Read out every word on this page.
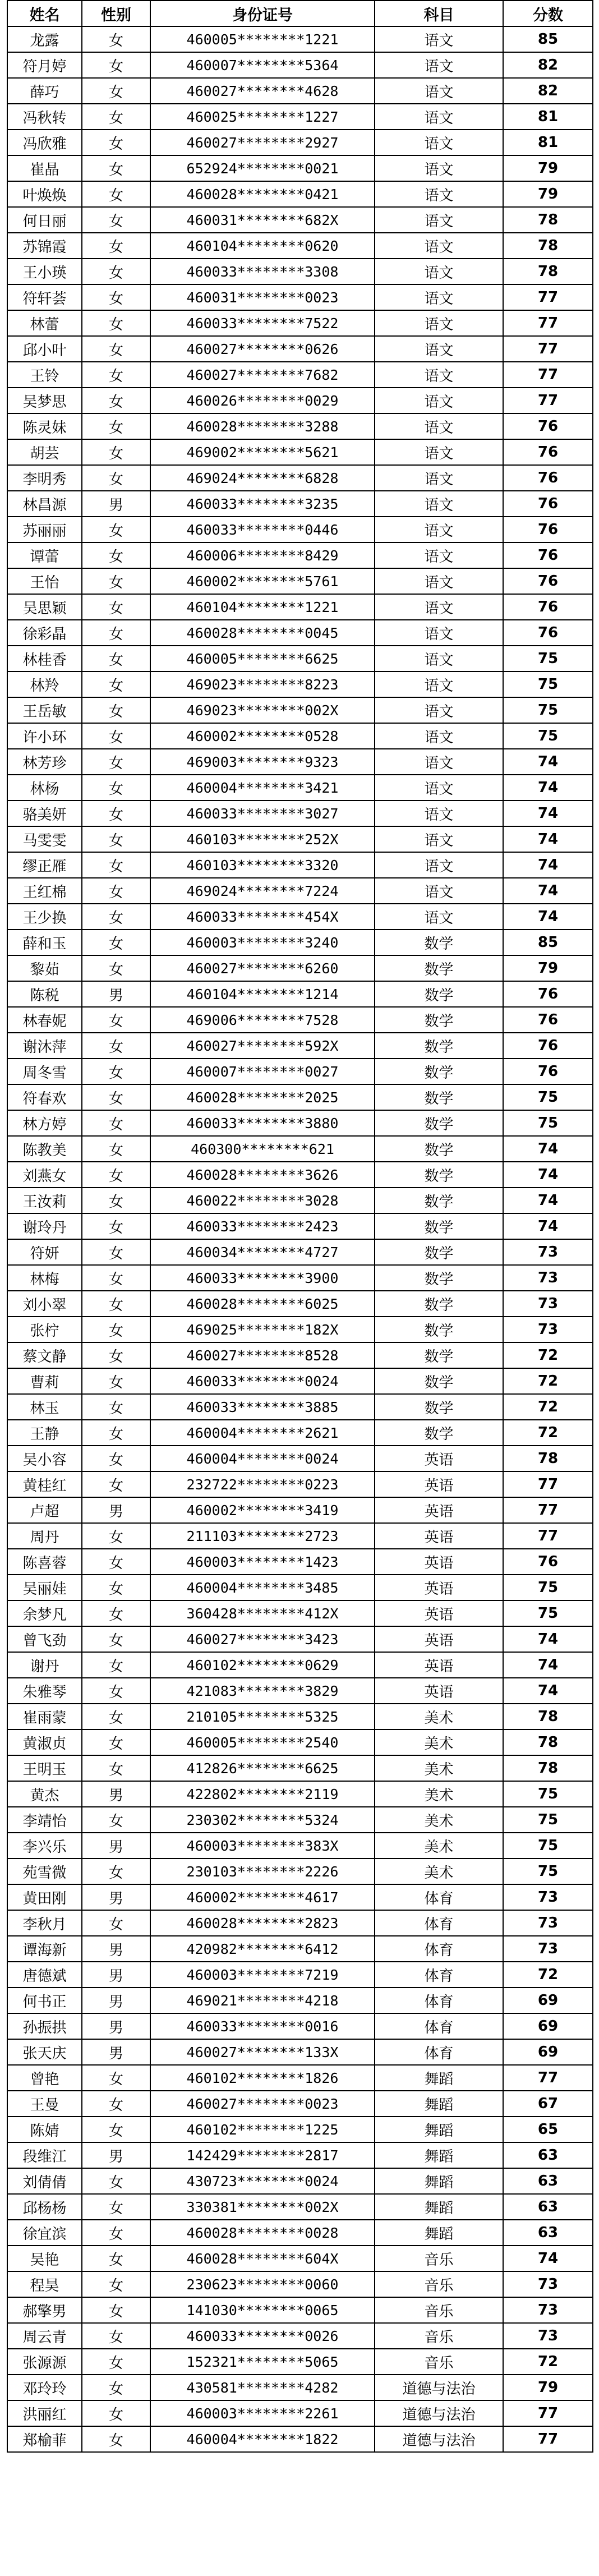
姓名	性别	身份证号	科目	分数
龙露	女	460005********1221	语文	85
符月婷	女	460007********5364	语文	82
薛巧	女	460027********4628	语文	82
冯秋转	女	460025********1227	语文	81
冯欣雅	女	460027********2927	语文	81
崔晶	女	652924********0021	语文	79
叶焕焕	女	460028********0421	语文	79
何日丽	女	460031********682X	语文	78
苏锦霞	女	460104********0620	语文	78
王小瑛	女	460033********3308	语文	78
符轩荟	女	460031********0023	语文	77
林蕾	女	460033********7522	语文	77
邱小叶	女	460027********0626	语文	77
王铃	女	460027********7682	语文	77
吴梦思	女	460026********0029	语文	77
陈灵妹	女	460028********3288	语文	76
胡芸	女	469002********5621	语文	76
李明秀	女	469024********6828	语文	76
林昌源	男	460033********3235	语文	76
苏丽丽	女	460033********0446	语文	76
谭蕾	女	460006********8429	语文	76
王怡	女	460002********5761	语文	76
吴思颖	女	460104********1221	语文	76
徐彩晶	女	460028********0045	语文	76
林桂香	女	460005********6625	语文	75
林羚	女	469023********8223	语文	75
王岳敏	女	469023********002X	语文	75
许小环	女	460002********0528	语文	75
林芳珍	女	469003********9323	语文	74
林杨	女	460004********3421	语文	74
骆美妍	女	460033********3027	语文	74
马雯雯	女	460103********252X	语文	74
缪正雁	女	460103********3320	语文	74
王红棉	女	469024********7224	语文	74
王少换	女	460033********454X	语文	74
薛和玉	女	460003********3240	数学	85
黎茹	女	460027********6260	数学	79
陈税	男	460104********1214	数学	76
林春妮	女	469006********7528	数学	76
谢沐萍	女	460027********592X	数学	76
周冬雪	女	460007********0027	数学	76
符春欢	女	460028********2025	数学	75
林方婷	女	460033********3880	数学	75
陈教美	女	460300********621	数学	74
刘燕女	女	460028********3626	数学	74
王汝莉	女	460022********3028	数学	74
谢玲丹	女	460033********2423	数学	74
符妍	女	460034********4727	数学	73
林梅	女	460033********3900	数学	73
刘小翠	女	460028********6025	数学	73
张柠	女	469025********182X	数学	73
蔡文静	女	460027********8528	数学	72
曹莉	女	460033********0024	数学	72
林玉	女	460033********3885	数学	72
王静	女	460004********2621	数学	72
吴小容	女	460004********0024	英语	78
黄桂红	女	232722********0223	英语	77
卢超	男	460002********3419	英语	77
周丹	女	211103********2723	英语	77
陈喜蓉	女	460003********1423	英语	76
吴丽娃	女	460004********3485	英语	75
余梦凡	女	360428********412X	英语	75
曾飞劲	女	460027********3423	英语	74
谢丹	女	460102********0629	英语	74
朱雅琴	女	421083********3829	英语	74
崔雨蒙	女	210105********5325	美术	78
黄淑贞	女	460005********2540	美术	78
王明玉	女	412826********6625	美术	78
黄杰	男	422802********2119	美术	75
李靖怡	女	230302********5324	美术	75
李兴乐	男	460003********383X	美术	75
苑雪微	女	230103********2226	美术	75
黄田刚	男	460002********4617	体育	73
李秋月	女	460028********2823	体育	73
谭海新	男	420982********6412	体育	73
唐德斌	男	460003********7219	体育	72
何书正	男	469021********4218	体育	69
孙振拱	男	460033********0016	体育	69
张天庆	男	460027********133X	体育	69
曾艳	女	460102********1826	舞蹈	77
王曼	女	460027********0023	舞蹈	67
陈婧	女	460102********1225	舞蹈	65
段维江	男	142429********2817	舞蹈	63
刘倩倩	女	430723********0024	舞蹈	63
邱杨杨	女	330381********002X	舞蹈	63
徐宜滨	女	460028********0028	舞蹈	63
吴艳	女	460028********604X	音乐	74
程昊	女	230623********0060	音乐	73
郝擎男	女	141030********0065	音乐	73
周云青	女	460033********0026	音乐	73
张源源	女	152321********5065	音乐	72
邓玲玲	女	430581********4282	道德与法治	79
洪丽红	女	460003********2261	道德与法治	77
郑榆菲	女	460004********1822	道德与法治	77
